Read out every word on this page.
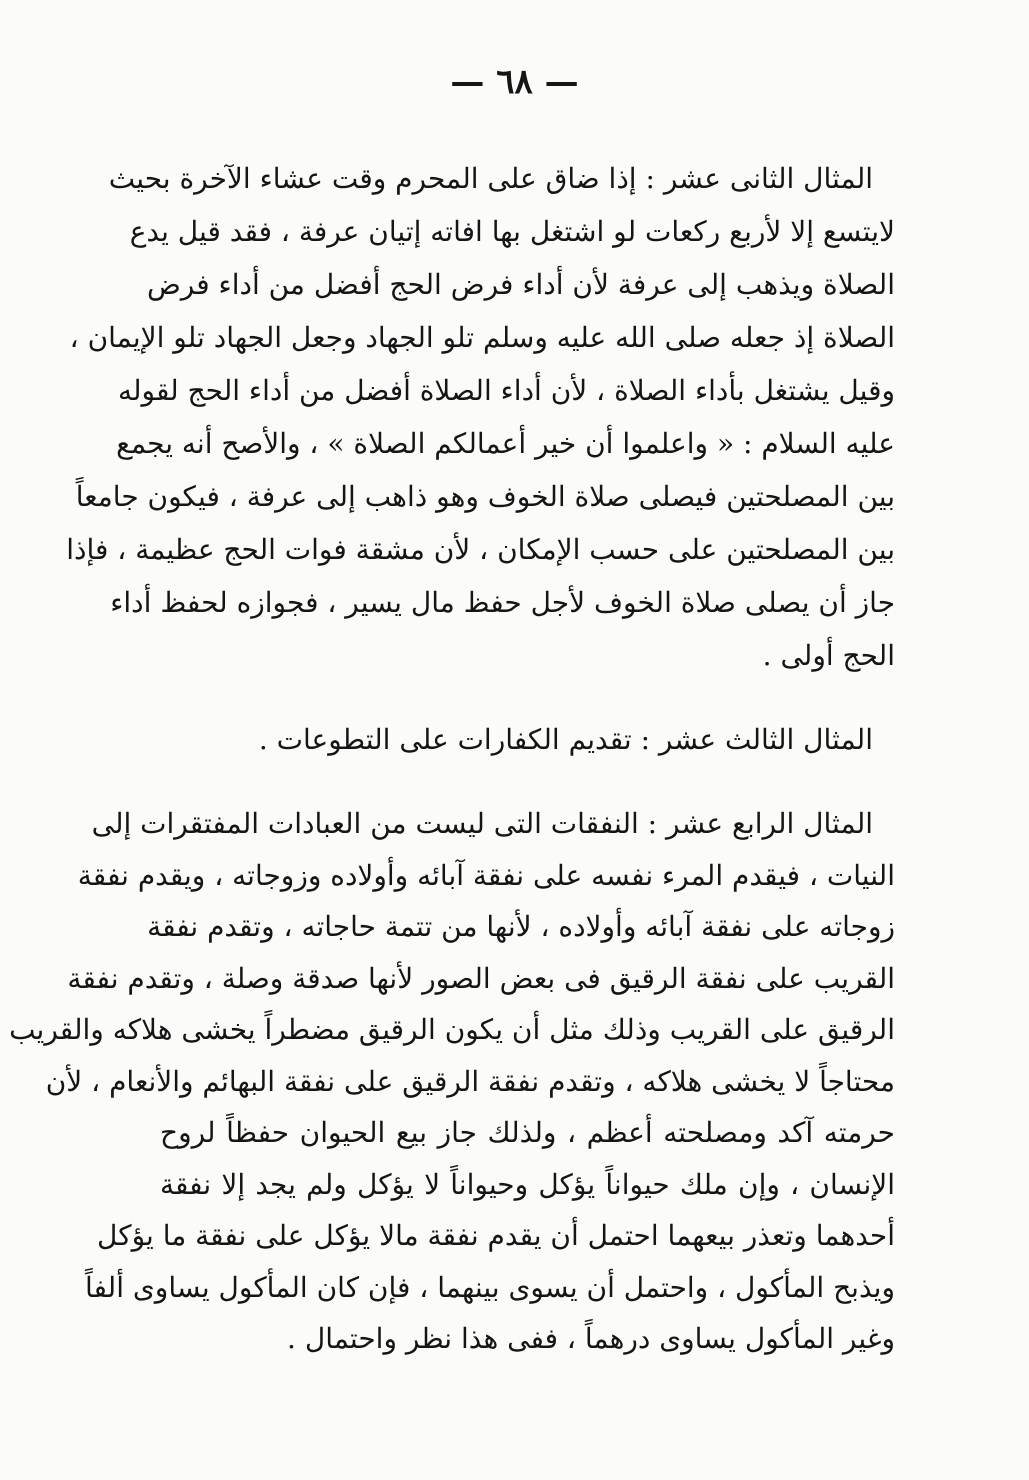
— ٦٨ —
المثال الثانى عشر : إذا ضاق على المحرم وقت عشاء الآخرة بحيث
لايتسع إلا لأربع ركعات لو اشتغل بها افاته إتيان عرفة ، فقد قيل يدع
الصلاة ويذهب إلى عرفة لأن أداء فرض الحج أفضل من أداء فرض
الصلاة إذ جعله صلى الله عليه وسلم تلو الجهاد وجعل الجهاد تلو الإيمان ،
وقيل يشتغل بأداء الصلاة ، لأن أداء الصلاة أفضل من أداء الحج لقوله
عليه السلام : « واعلموا أن خير أعمالكم الصلاة » ، والأصح أنه يجمع
بين المصلحتين فيصلى صلاة الخوف وهو ذاهب إلى عرفة ، فيكون جامعاً
بين المصلحتين على حسب الإمكان ، لأن مشقة فوات الحج عظيمة ، فإذا
جاز أن يصلى صلاة الخوف لأجل حفظ مال يسير ، فجوازه لحفظ أداء
الحج أولى .
المثال الثالث عشر : تقديم الكفارات على التطوعات .
المثال الرابع عشر : النفقات التى ليست من العبادات المفتقرات إلى
النيات ، فيقدم المرء نفسه على نفقة آبائه وأولاده وزوجاته ، ويقدم نفقة
زوجاته على نفقة آبائه وأولاده ، لأنها من تتمة حاجاته ، وتقدم نفقة
القريب على نفقة الرقيق فى بعض الصور لأنها صدقة وصلة ، وتقدم نفقة
الرقيق على القريب وذلك مثل أن يكون الرقيق مضطراً يخشى هلاكه والقريب
محتاجاً لا يخشى هلاكه ، وتقدم نفقة الرقيق على نفقة البهائم والأنعام ، لأن
حرمته آكد ومصلحته أعظم ، ولذلك جاز بيع الحيوان حفظاً لروح
الإنسان ، وإن ملك حيواناً يؤكل وحيواناً لا يؤكل ولم يجد إلا نفقة
أحدهما وتعذر بيعهما احتمل أن يقدم نفقة مالا يؤكل على نفقة ما يؤكل
ويذبح المأكول ، واحتمل أن يسوى بينهما ، فإن كان المأكول يساوى ألفاً
وغير المأكول يساوى درهماً ، ففى هذا نظر واحتمال .
